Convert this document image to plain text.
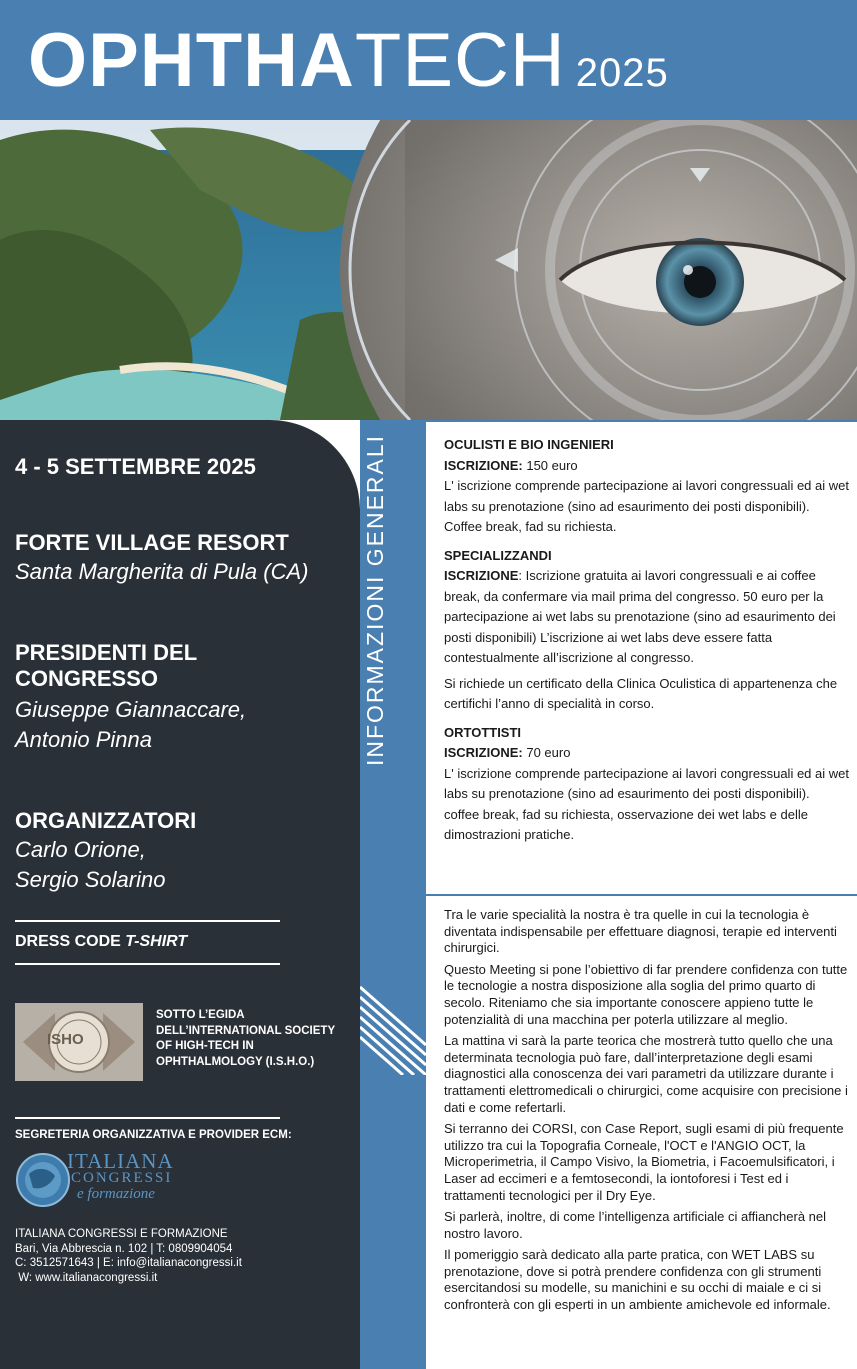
OPHTHATECH 2025
4 - 5 SETTEMBRE 2025
FORTE VILLAGE RESORT
Santa Margherita di Pula (CA)
PRESIDENTI DEL
CONGRESSO
Giuseppe Giannaccare,
Antonio Pinna
ORGANIZZATORI
Carlo Orione,
Sergio Solarino
DRESS CODE T-SHIRT
ISHO
SOTTO L’EGIDA
DELL’INTERNATIONAL SOCIETY
OF HIGH-TECH IN
OPHTHALMOLOGY (I.S.H.O.)
SEGRETERIA ORGANIZZATIVA E PROVIDER ECM:
ITALIANA
CONGRESSI
e formazione
ITALIANA CONGRESSI E FORMAZIONE
Bari, Via Abbrescia n. 102 | T: 0809904054
C: 3512571643 | E: info@italianacongressi.it
W: www.italianacongressi.it
INFORMAZIONI GENERALI	OCULISTI E BIO INGENIERI

ISCRIZIONE: 150 euro

L' iscrizione comprende partecipazione ai lavori congressuali ed ai wet labs su prenotazione (sino ad esaurimento dei posti disponibili).

Coffee break, fad su richiesta.

SPECIALIZZANDI

ISCRIZIONE: Iscrizione gratuita ai lavori congressuali e ai coffee break, da confermare via mail prima del congresso. 50 euro per la partecipazione ai wet labs su prenotazione (sino ad esaurimento dei posti disponibili) L’iscrizione ai wet labs deve essere fatta contestualmente all’iscrizione al congresso.

Si richiede un certificato della Clinica Oculistica di appartenenza che certifichi l’anno di specialità in corso.

ORTOTTISTI

ISCRIZIONE: 70 euro

L' iscrizione comprende partecipazione ai lavori congressuali ed ai wet labs su prenotazione (sino ad esaurimento dei posti disponibili).

coffee break, fad su richiesta, osservazione dei wet labs e delle dimostrazioni pratiche.

Tra le varie specialità la nostra è tra quelle in cui la tecnologia è diventata indispensabile per effettuare diagnosi, terapie ed interventi chirurgici.

Questo Meeting si pone l’obiettivo di far prendere confidenza con tutte le tecnologie a nostra disposizione alla soglia del primo quarto di secolo. Riteniamo che sia importante conoscere appieno tutte le potenzialità di una macchina per poterla utilizzare al meglio.

La mattina vi sarà la parte teorica che mostrerà tutto quello che una determinata tecnologia può fare, dall’interpretazione degli esami diagnostici alla conoscenza dei vari parametri da utilizzare durante i trattamenti elettromedicali o chirurgici, come acquisire con precisione i dati e come refertarli.

Si terranno dei CORSI, con Case Report, sugli esami di più frequente utilizzo tra cui la Topografia Corneale, l'OCT e l'ANGIO OCT, la Microperimetria, il Campo Visivo, la Biometria, i Facoemulsificatori, i Laser ad eccimeri e a femtosecondi, la iontoforesi i Test ed i trattamenti tecnologici per il Dry Eye.

Si parlerà, inoltre, di come l’intelligenza artificiale ci affiancherà nel nostro lavoro.

Il pomeriggio sarà dedicato alla parte pratica, con WET LABS su prenotazione, dove si potrà prendere confidenza con gli strumenti esercitandosi su modelle, su manichini e su occhi di maiale e ci si confronterà con gli esperti in un ambiente amichevole ed informale.
